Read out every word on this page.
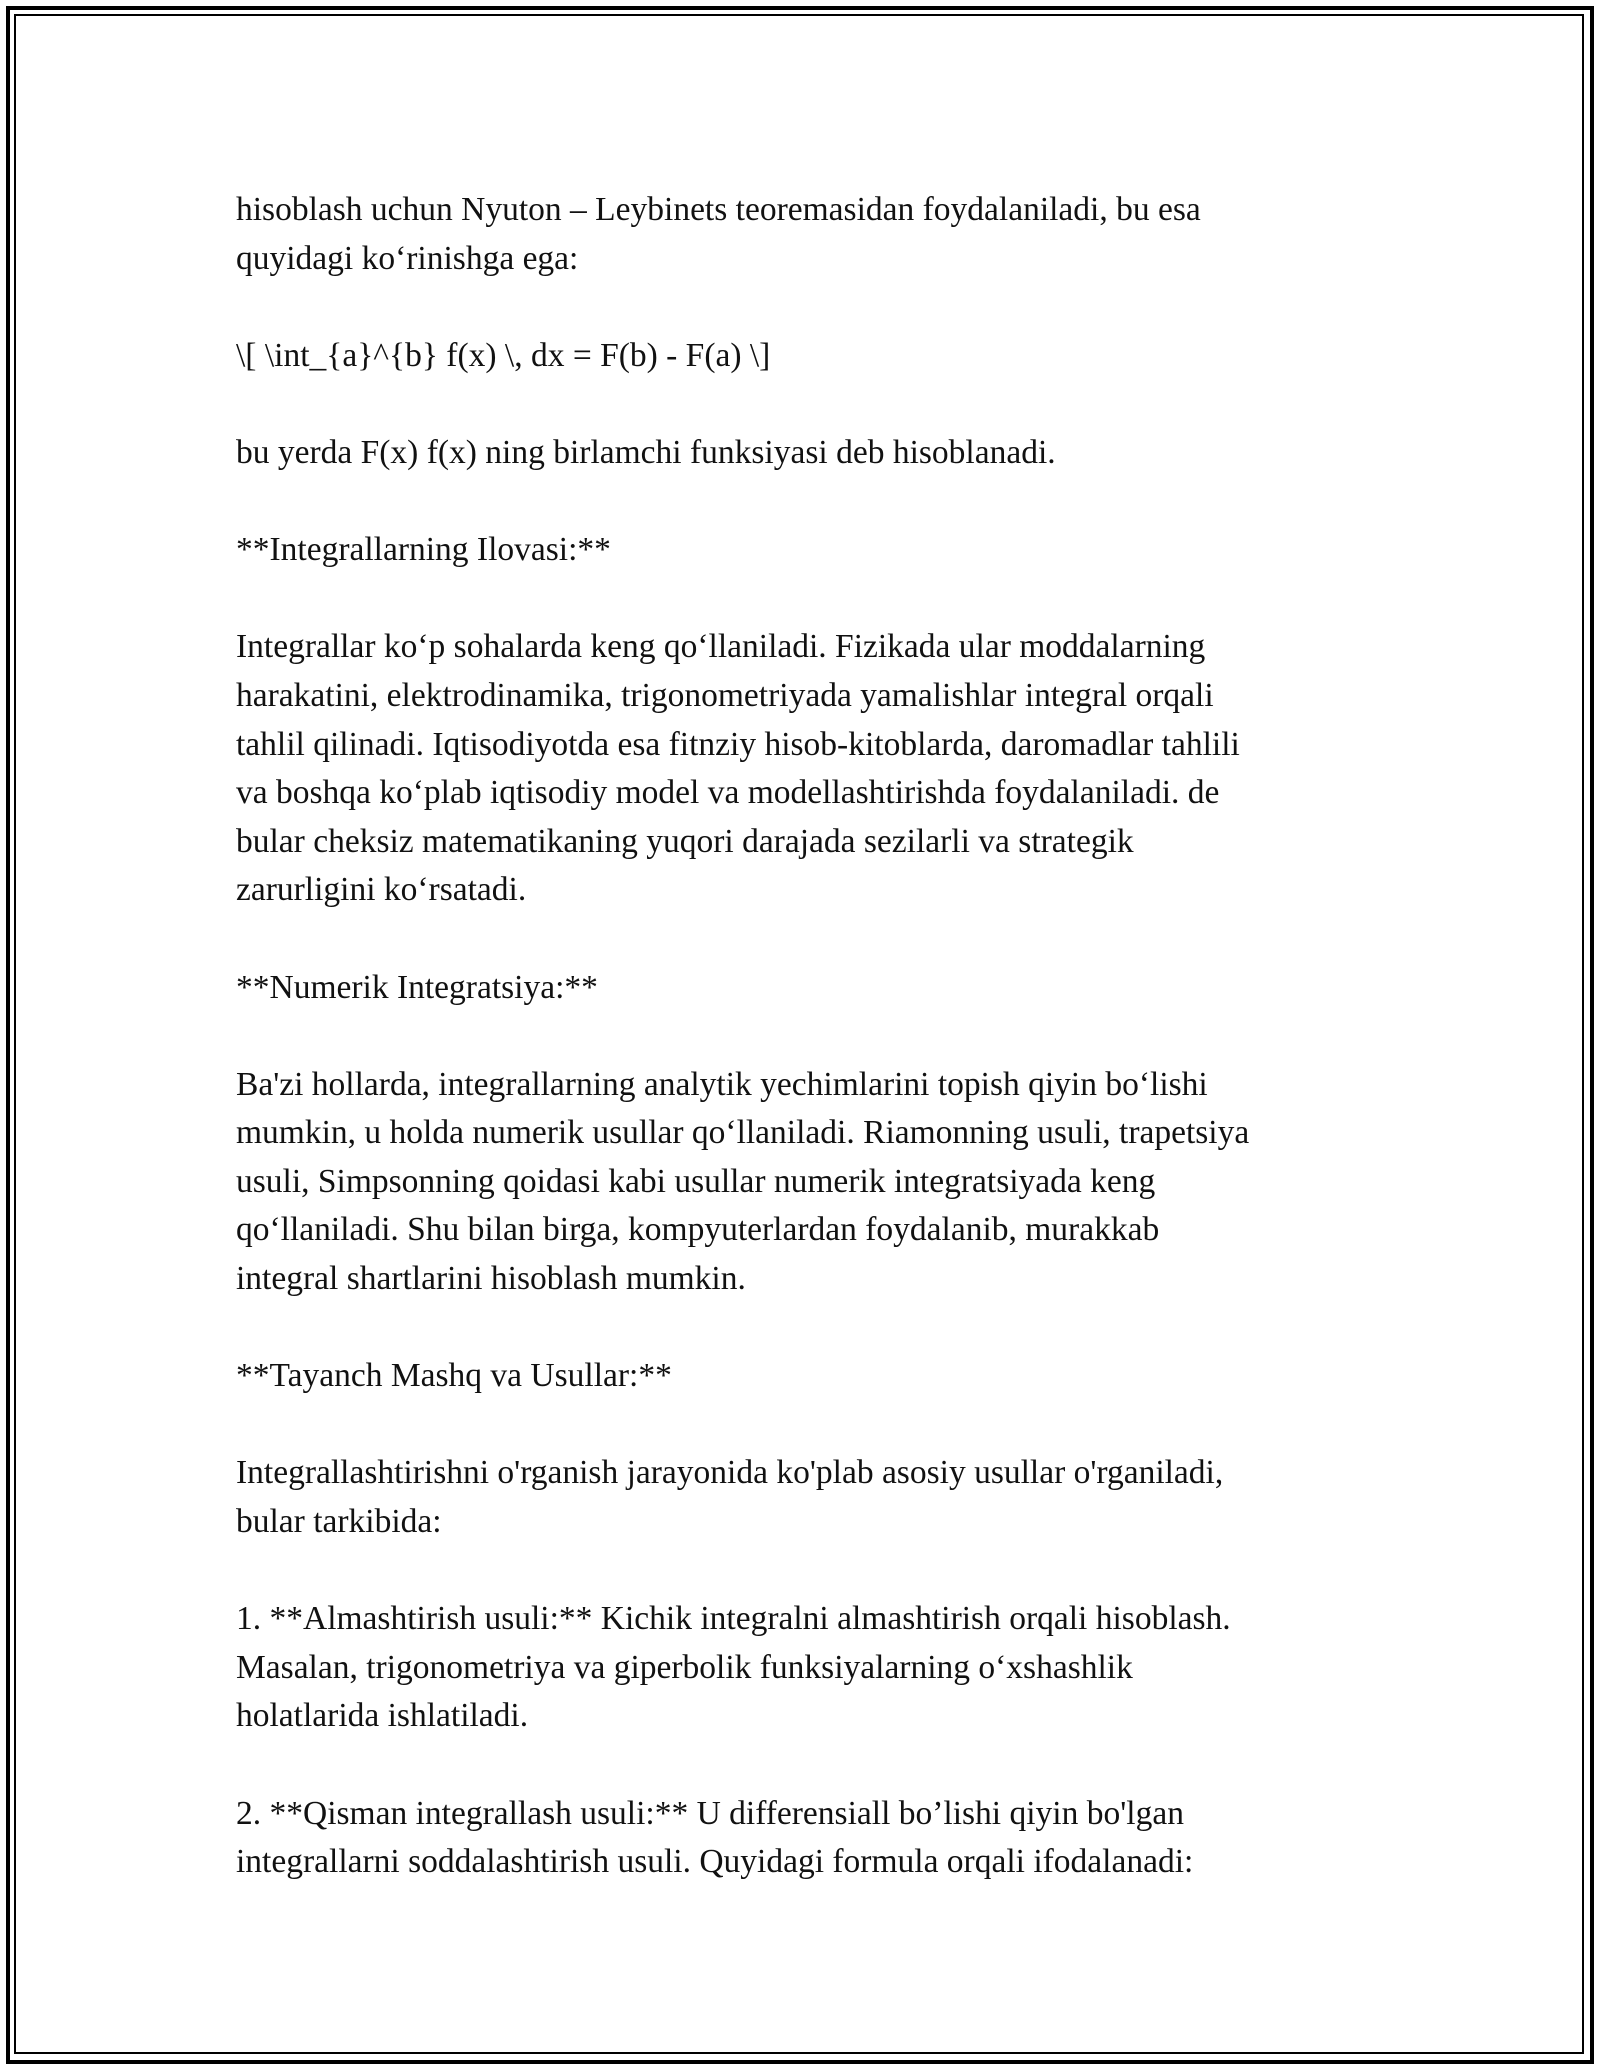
hisoblash uchun Nyuton – Leybinets teoremasidan foydalaniladi, bu esa
quyidagi ko‘rinishga ega:

\[ \int_{a}^{b} f(x) \, dx = F(b) - F(a) \]

bu yerda F(x) f(x) ning birlamchi funksiyasi deb hisoblanadi.

**Integrallarning Ilovasi:**

Integrallar ko‘p sohalarda keng qo‘llaniladi. Fizikada ular moddalarning
harakatini, elektrodinamika, trigonometriyada yamalishlar integral orqali
tahlil qilinadi. Iqtisodiyotda esa fitnziy hisob-kitoblarda, daromadlar tahlili
va boshqa ko‘plab iqtisodiy model va modellashtirishda foydalaniladi. de
bular cheksiz matematikaning yuqori darajada sezilarli va strategik
zarurligini ko‘rsatadi.

**Numerik Integratsiya:**

Ba'zi hollarda, integrallarning analytik yechimlarini topish qiyin bo‘lishi
mumkin, u holda numerik usullar qo‘llaniladi. Riamonning usuli, trapetsiya
usuli, Simpsonning qoidasi kabi usullar numerik integratsiyada keng
qo‘llaniladi. Shu bilan birga, kompyuterlardan foydalanib, murakkab
integral shartlarini hisoblash mumkin.

**Tayanch Mashq va Usullar:**

Integrallashtirishni o'rganish jarayonida ko'plab asosiy usullar o'rganiladi,
bular tarkibida:

1. **Almashtirish usuli:** Kichik integralni almashtirish orqali hisoblash.
Masalan, trigonometriya va giperbolik funksiyalarning o‘xshashlik
holatlarida ishlatiladi.

2. **Qisman integrallash usuli:** U differensiall bo’lishi qiyin bo'lgan
integrallarni soddalashtirish usuli. Quyidagi formula orqali ifodalanadi:
